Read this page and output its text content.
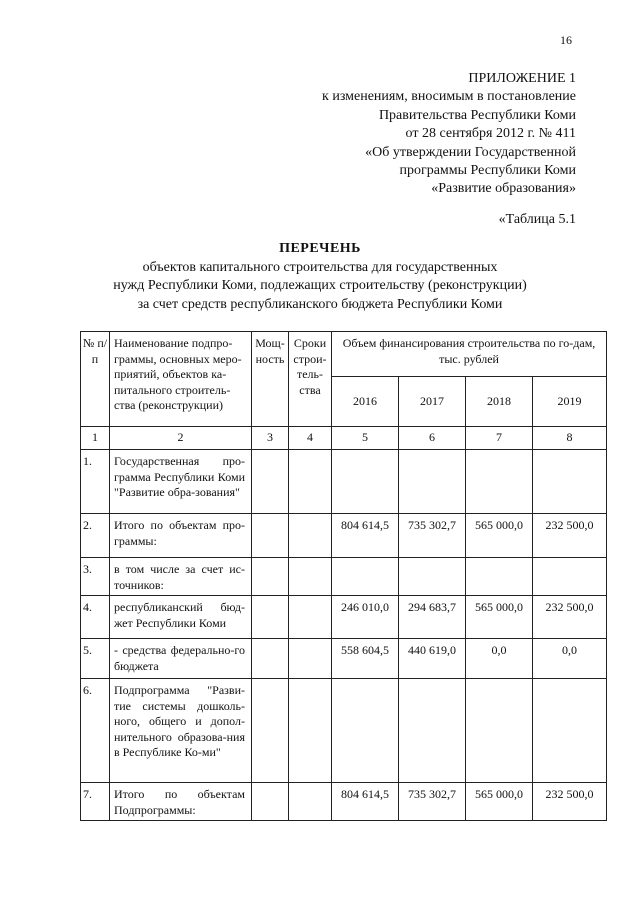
16
ПРИЛОЖЕНИЕ 1
к изменениям, вносимым в постановление
Правительства Республики Коми
от 28 сентября 2012 г. № 411
«Об утверждении Государственной
программы Республики Коми
«Развитие образования»
«Таблица 5.1
ПЕРЕЧЕНЬ
объектов капитального строительства для государственных
нужд Республики Коми, подлежащих строительству (реконструкции)
за счет средств республиканского бюджета Республики Коми
№ п/п	Наименование подпро-граммы, основных меро-приятий, объектов ка-питального строитель-ства (реконструкции)	Мощ-ность	Сроки строи-тель-ства	Объем финансирования строительства по го-дам, тыс. рублей			
				2016	2017	2018	2019
1	2	3	4	5	6	7	8
1.	Государственная про-грамма Республики Коми "Развитие обра-зования"						
2.	Итого по объектам про-граммы:			804 614,5	735 302,7	565 000,0	232 500,0
3.	в том числе за счет ис-точников:						
4.	республиканский бюд-жет Республики Коми			246 010,0	294 683,7	565 000,0	232 500,0
5.	- средства федерально-го бюджета			558 604,5	440 619,0	0,0	0,0
6.	Подпрограмма "Разви-тие системы дошколь-ного, общего и допол-нительного образова-ния в Республике Ко-ми"						
7.	Итого по объектам Подпрограммы:			804 614,5	735 302,7	565 000,0	232 500,0
